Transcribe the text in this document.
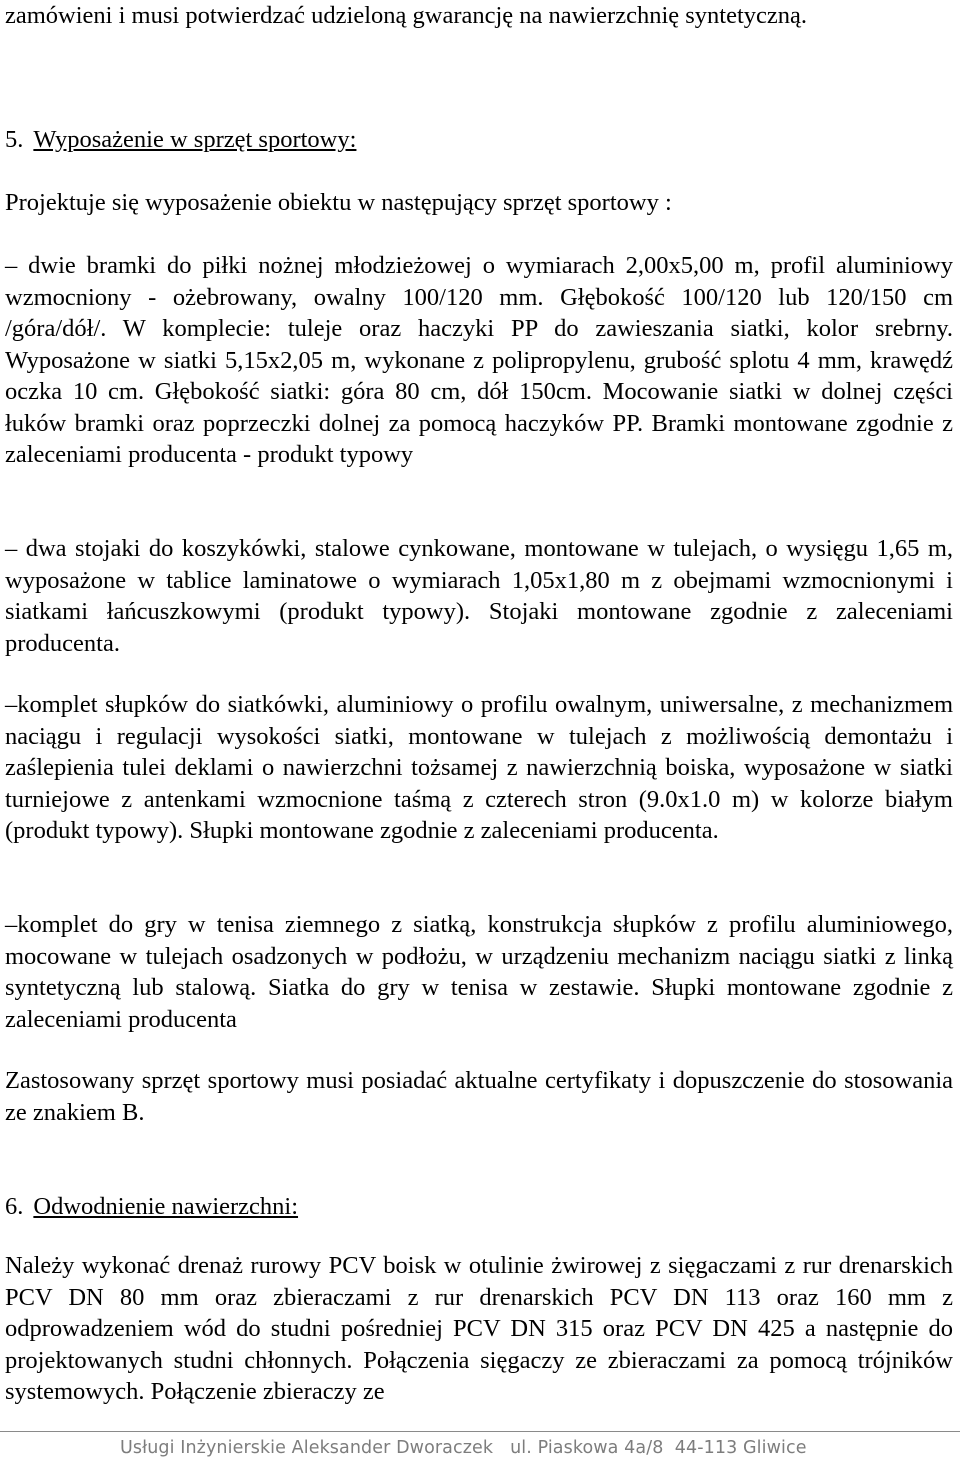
zamówieni i musi potwierdzać udzieloną gwarancję na nawierzchnię syntetyczną.

5. Wyposażenie w sprzęt sportowy:

Projektuje się wyposażenie obiektu w następujący sprzęt sportowy :

– dwie bramki do piłki nożnej młodzieżowej o wymiarach 2,00x5,00 m, profil aluminiowy wzmocniony - ożebrowany, owalny 100/120 mm. Głębokość 100/120 lub 120/150 cm /góra/dół/. W komplecie: tuleje oraz haczyki PP do zawieszania siatki, kolor srebrny. Wyposażone w siatki 5,15x2,05 m, wykonane z polipropylenu, grubość splotu 4 mm, krawędź oczka 10 cm. Głębokość siatki: góra 80 cm, dół 150cm. Mocowanie siatki w dolnej części łuków bramki oraz poprzeczki dolnej za pomocą haczyków PP. Bramki montowane zgodnie z zaleceniami producenta - produkt typowy

– dwa stojaki do koszykówki, stalowe cynkowane, montowane w tulejach, o wysięgu 1,65 m, wyposażone w tablice laminatowe o wymiarach 1,05x1,80 m z obejmami wzmocnionymi i siatkami łańcuszkowymi (produkt typowy). Stojaki montowane zgodnie z zaleceniami producenta.

–komplet słupków do siatkówki, aluminiowy o profilu owalnym, uniwersalne, z mechanizmem naciągu i regulacji wysokości siatki, montowane w tulejach z możliwością demontażu i zaślepienia tulei deklami o nawierzchni tożsamej z nawierzchnią boiska, wyposażone w siatki turniejowe z antenkami wzmocnione taśmą z czterech stron (9.0x1.0 m) w kolorze białym (produkt typowy). Słupki montowane zgodnie z zaleceniami producenta.

–komplet do gry w tenisa ziemnego z siatką, konstrukcja słupków z profilu aluminiowego, mocowane w tulejach osadzonych w podłożu, w urządzeniu mechanizm naciągu siatki z linką syntetyczną lub stalową. Siatka do gry w tenisa w zestawie. Słupki montowane zgodnie z zaleceniami producenta

Zastosowany sprzęt sportowy musi posiadać aktualne certyfikaty i dopuszczenie do stosowania ze znakiem B.

6. Odwodnienie nawierzchni:

Należy wykonać drenaż rurowy PCV boisk w otulinie żwirowej z sięgaczami z rur drenarskich PCV DN 80 mm oraz zbieraczami z rur drenarskich PCV DN 113 oraz 160 mm z odprowadzeniem wód do studni pośredniej PCV DN 315 oraz PCV DN 425 a następnie do projektowanych studni chłonnych. Połączenia sięgaczy ze zbieraczami za pomocą trójników systemowych. Połączenie zbieraczy ze

Usługi Inżynierskie Aleksander Dworaczek   ul. Piaskowa 4a/8  44-113 Gliwice
